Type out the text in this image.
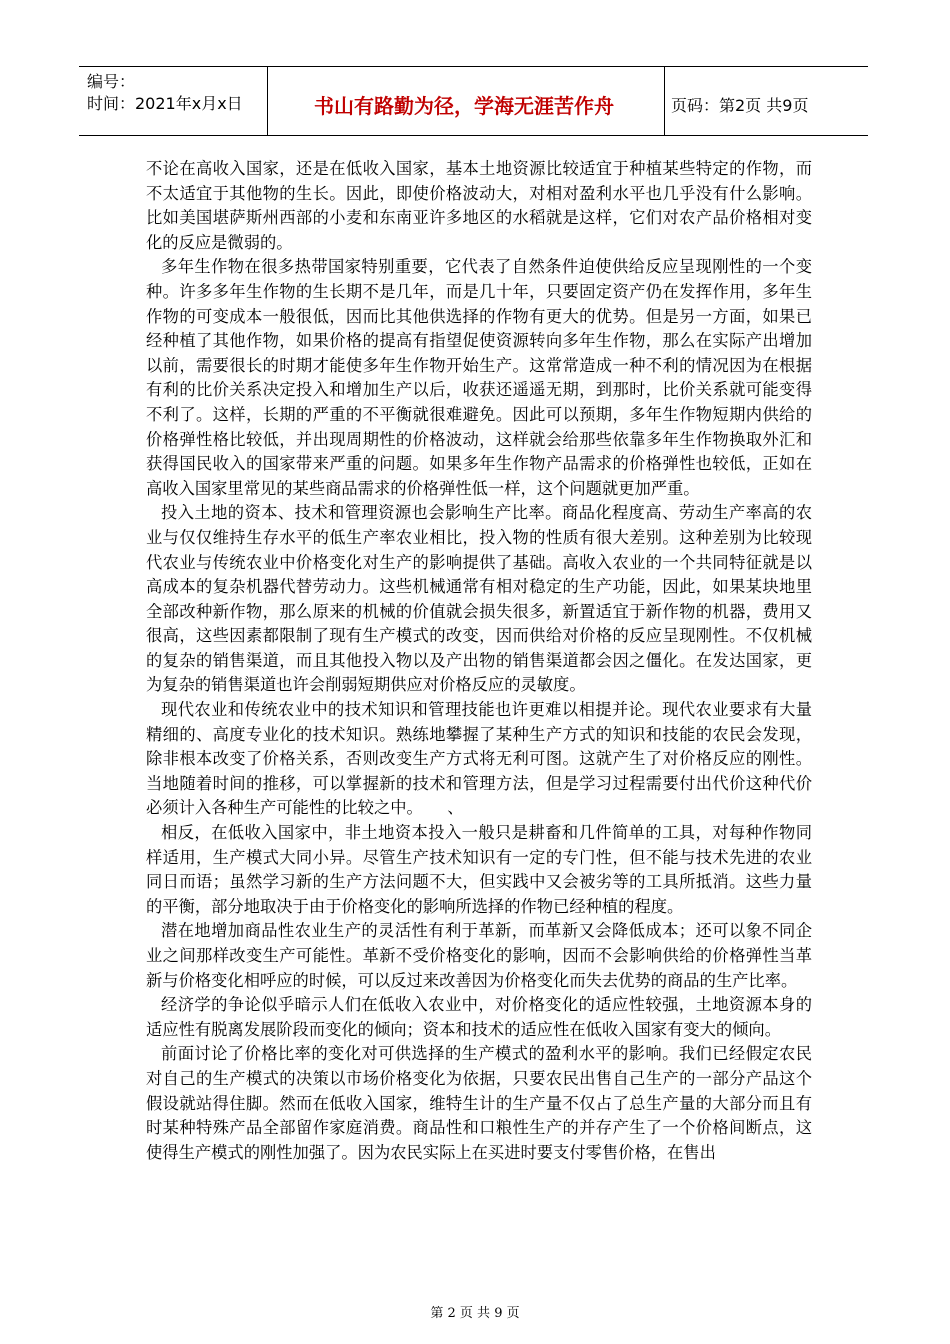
编号：
时间：2021年x月x日	书山有路勤为径，学海无涯苦作舟	页码：第2页 共9页

不论在高收入国家，还是在低收入国家，基本土地资源比较适宜于种植某些特定的作物，而不太适宜于其他物的生长。因此，即使价格波动大，对相对盈利水平也几乎没有什么影响。比如美国堪萨斯州西部的小麦和东南亚许多地区的水稻就是这样，它们对农产品价格相对变化的反应是微弱的。

多年生作物在很多热带国家特别重要，它代表了自然条件迫使供给反应呈现刚性的一个变种。许多多年生作物的生长期不是几年，而是几十年，只要固定资产仍在发挥作用，多年生作物的可变成本一般很低，因而比其他供选择的作物有更大的优势。但是另一方面，如果已经种植了其他作物，如果价格的提高有指望促使资源转向多年生作物，那么在实际产出增加以前，需要很长的时期才能使多年生作物开始生产。这常常造成一种不利的情况因为在根据有利的比价关系决定投入和增加生产以后，收获还遥遥无期，到那时，比价关系就可能变得不利了。这样，长期的严重的不平衡就很难避免。因此可以预期，多年生作物短期内供给的价格弹性格比较低，并出现周期性的价格波动，这样就会给那些依靠多年生作物换取外汇和获得国民收入的国家带来严重的问题。如果多年生作物产品需求的价格弹性也较低，正如在高收入国家里常见的某些商品需求的价格弹性低一样，这个问题就更加严重。

投入土地的资本、技术和管理资源也会影响生产比率。商品化程度高、劳动生产率高的农业与仅仅维持生存水平的低生产率农业相比，投入物的性质有很大差别。这种差别为比较现代农业与传统农业中价格变化对生产的影响提供了基础。高收入农业的一个共同特征就是以高成本的复杂机器代替劳动力。这些机械通常有相对稳定的生产功能，因此，如果某块地里全部改种新作物，那么原来的机械的价值就会损失很多，新置适宜于新作物的机器，费用又很高，这些因素都限制了现有生产模式的改变，因而供给对价格的反应呈现刚性。不仅机械的复杂的销售渠道，而且其他投入物以及产出物的销售渠道都会因之僵化。在发达国家，更为复杂的销售渠道也许会削弱短期供应对价格反应的灵敏度。

现代农业和传统农业中的技术知识和管理技能也许更难以相提并论。现代农业要求有大量精细的、高度专业化的技术知识。熟练地攀握了某种生产方式的知识和技能的农民会发现，除非根本改变了价格关系，否则改变生产方式将无利可图。这就产生了对价格反应的刚性。当地随着时间的推移，可以掌握新的技术和管理方法，但是学习过程需要付出代价这种代价必须计入各种生产可能性的比较之中。　　、

相反，在低收入国家中，非土地资本投入一般只是耕畜和几件简单的工具，对每种作物同样适用，生产模式大同小异。尽管生产技术知识有一定的专门性，但不能与技术先进的农业同日而语；虽然学习新的生产方法问题不大，但实践中又会被劣等的工具所抵消。这些力量的平衡，部分地取决于由于价格变化的影响所选择的作物已经种植的程度。

潜在地增加商品性农业生产的灵活性有利于革新，而革新又会降低成本；还可以象不同企业之间那样改变生产可能性。革新不受价格变化的影响，因而不会影响供给的价格弹性当革新与价格变化相呼应的时候，可以反过来改善因为价格变化而失去优势的商品的生产比率。

经济学的争论似乎暗示人们在低收入农业中，对价格变化的适应性较强，土地资源本身的适应性有脱离发展阶段而变化的倾向；资本和技术的适应性在低收入国家有变大的倾向。

前面讨论了价格比率的变化对可供选择的生产模式的盈利水平的影响。我们已经假定农民对自己的生产模式的决策以市场价格变化为依据，只要农民出售自己生产的一部分产品这个假设就站得住脚。然而在低收入国家，维特生计的生产量不仅占了总生产量的大部分而且有时某种特殊产品全部留作家庭消费。商品性和口粮性生产的并存产生了一个价格间断点，这使得生产模式的刚性加强了。因为农民实际上在买进时要支付零售价格，在售出

第 2 页 共 9 页
